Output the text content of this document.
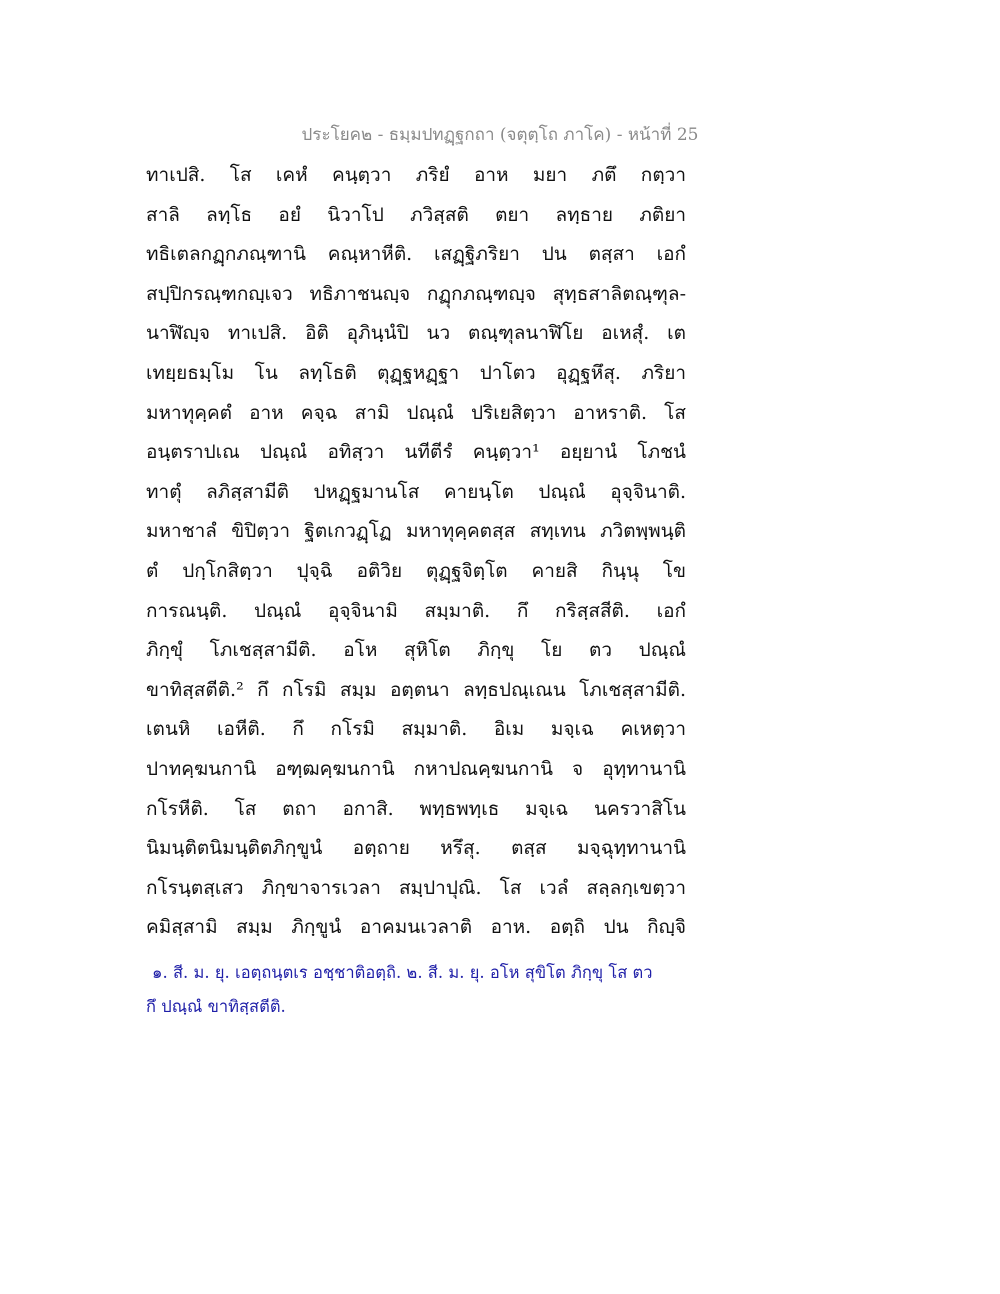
ประโยค๒ - ธมฺมปทฏฺฐกถา (จตุตฺโถ ภาโค) - หน้าที่ 25
ทาเปสิ. โส เคหํ คนฺตฺวา ภริยํ อาห มยา ภตึ กตฺวา
สาลิ ลทฺโธ อยํ นิวาโป ภวิสฺสติ ตยา ลทฺธาย ภติยา
ทธิเตลกฏฺกภณฺฑานิ คณฺหาหีติ. เสฏฺฐิภริยา ปน ตสฺสา เอกํ
สปฺปิกรณฺฑกญฺเจว ทธิภาชนญฺจ กฏุกภณฺฑญฺจ สุทฺธสาลิตณฺฑุล-
นาฬิญฺจ ทาเปสิ. อิติ อุภินฺนํปิ นว ตณฺฑุลนาฬิโย อเหสุํ. เต
เทยฺยธมฺโม โน ลทฺโธติ ตุฏฺฐหฏฺฐา ปาโตว อุฏฺฐหึสุ. ภริยา
มหาทุคฺคตํ อาห คจฺฉ สามิ ปณฺณํ ปริเยสิตฺวา อาหราติ. โส
อนฺตราปเณ ปณฺณํ อทิสฺวา นทีตีรํ คนฺตฺวา¹ อยฺยานํ โภชนํ
ทาตุํ ลภิสฺสามีติ ปหฏฺฐมานโส คายนฺโต ปณฺณํ อุจฺจินาติ.
มหาชาลํ ขิปิตฺวา ฐิตเกวฏฺโฏ มหาทุคฺคตสฺส สทฺเทน ภวิตพฺพนฺติ
ตํ ปกฺโกสิตฺวา ปุจฺฉิ อติวิย ตุฏฺฐจิตฺโต คายสิ กินฺนุ โข
การณนฺติ. ปณฺณํ อุจฺจินามิ สมฺมาติ. กึ กริสฺสสีติ. เอกํ
ภิกฺขุํ โภเชสฺสามีติ. อโห สุหิโต ภิกฺขุ โย ตว ปณฺณํ
ขาทิสฺสตีติ.² กึ กโรมิ สมฺม อตฺตนา ลทฺธปณฺเณน โภเชสฺสามีติ.
เตนหิ เอหีติ. กึ กโรมิ สมฺมาติ. อิเม มจฺเฉ คเหตฺวา
ปาทคฺฆนกานิ อฑฺฒคฺฆนกานิ กหาปณคฺฆนกานิ จ อุทฺทานานิ
กโรหีติ. โส ตถา อกาสิ. พทฺธพทฺเธ มจฺเฉ นครวาสิโน
นิมนฺติตนิมนฺติตภิกฺขูนํ อตฺถาย หรึสุ. ตสฺส มจฺฉุทฺทานานิ
กโรนฺตสฺเสว ภิกฺขาจารเวลา สมฺปาปุณิ. โส เวลํ สลฺลกฺเขตฺวา
คมิสฺสามิ สมฺม ภิกฺขูนํ อาคมนเวลาติ อาห. อตฺถิ ปน กิญฺจิ
๑. สี. ม. ยุ. เอตฺถนฺตเร อชฺชาติอตฺถิ. ๒. สี. ม. ยุ. อโห สุขิโต ภิกฺขุ โส ตว
กึ ปณฺณํ ขาทิสฺสตีติ.
